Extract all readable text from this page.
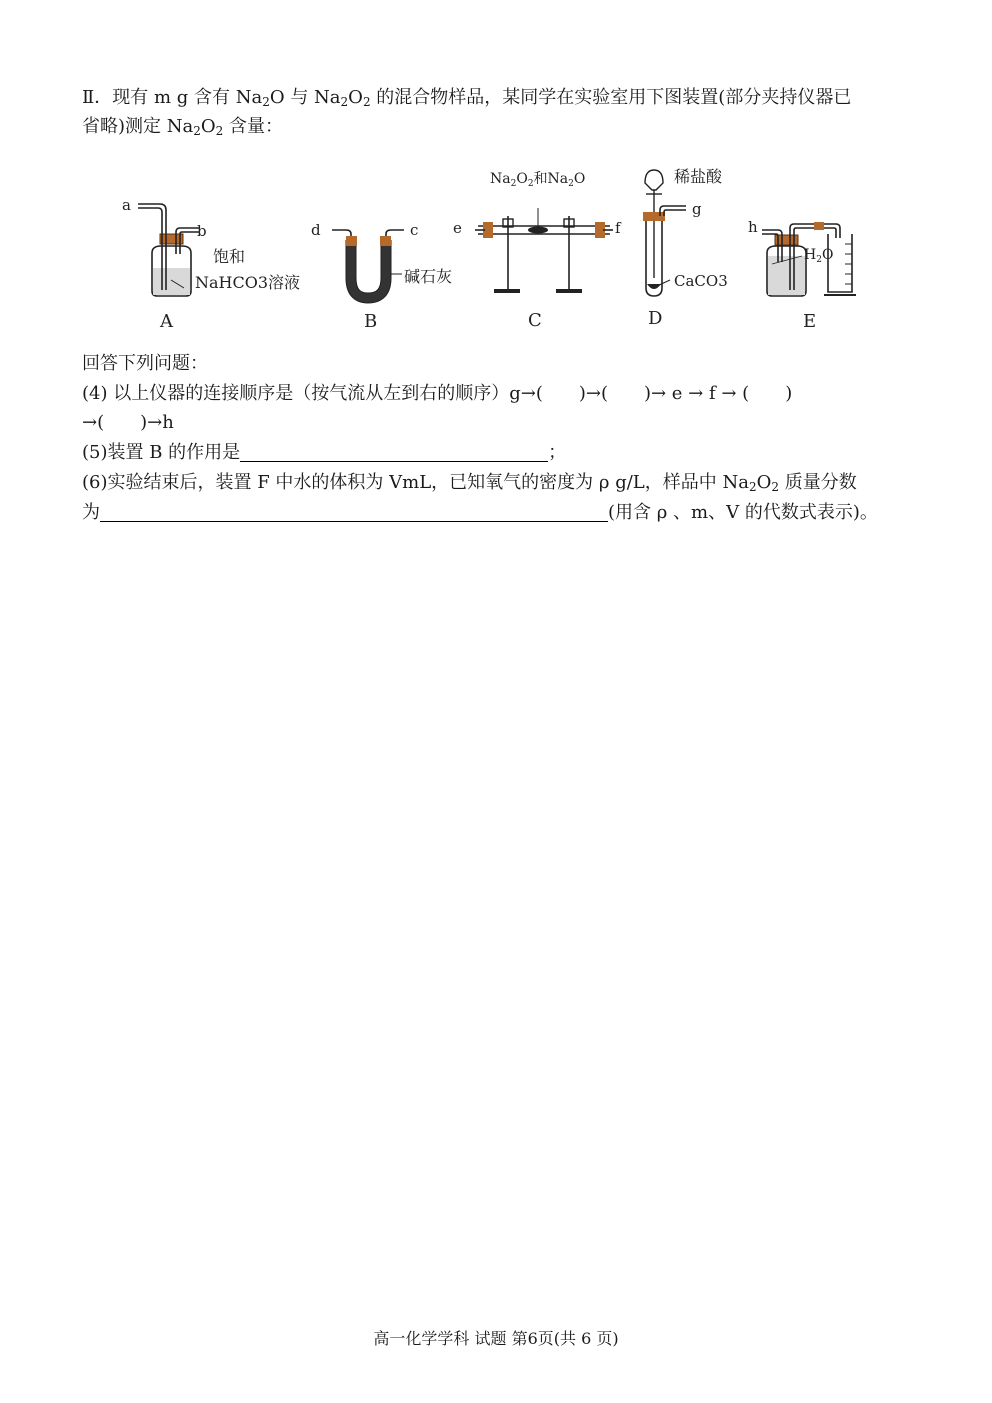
Ⅱ．现有 m g 含有 $Na_2O$ 与 $Na_2O_2$ 的混合物样品，某同学在实验室用下图装置(部分夹持仪器已
省略)测定 $Na_2O_2$ 含量：
a
b
饱和
NaHCO3溶液
A
d	c
碱石灰
B
$Na_2O_2$和$Na_2O$
e	f
C
稀盐酸
g
CaCO3
D
h
$H_2O$
E
回答下列问题：
(4) 以上仪器的连接顺序是（按气流从左到右的顺序）g→( )→( )→ e → f → ( )
→( )→h
(5)装置 B 的作用是	；
(6)实验结束后，装置 F 中水的体积为 VmL，已知氧气的密度为 ρ g/L，样品中 $Na_2O_2$ 质量分数
为	(用含 ρ 、m、V 的代数式表示)。
高一化学学科 试题 第6页(共 6 页)
